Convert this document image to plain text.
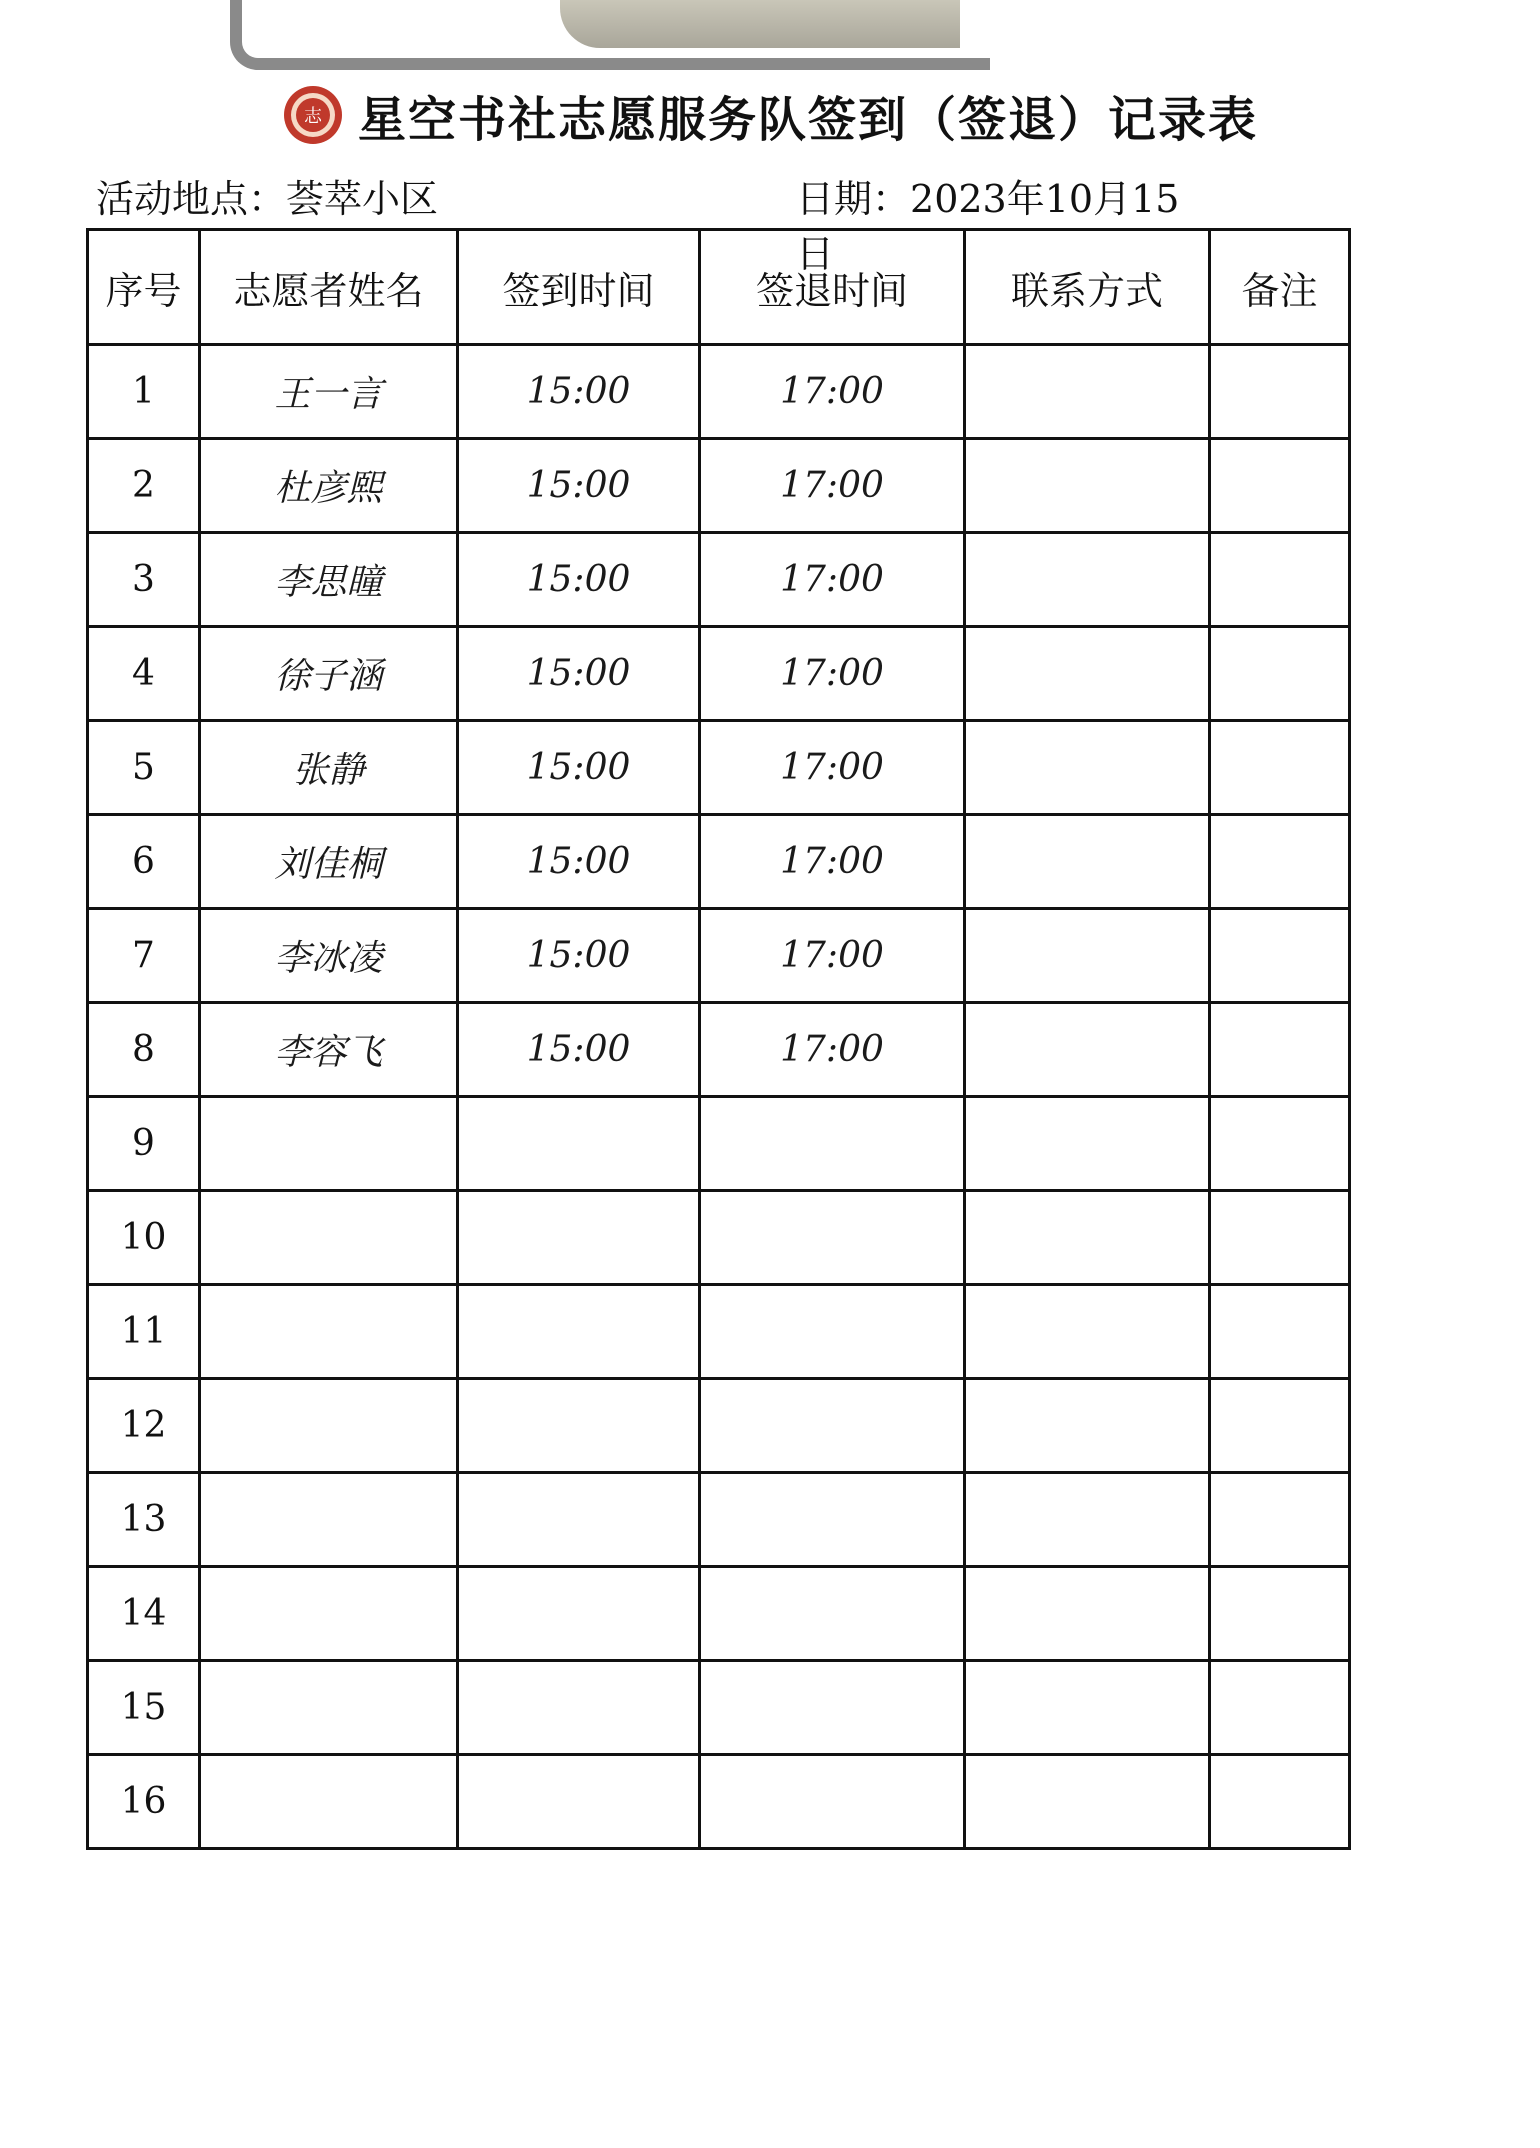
志 星空书社志愿服务队签到（签退）记录表
活动地点：荟萃小区	日期：2023年10月15日
序号	志愿者姓名	签到时间	签退时间	联系方式	备注
1	王一言	15:00	17:00		
2	杜彦熙	15:00	17:00		
3	李思瞳	15:00	17:00		
4	徐子涵	15:00	17:00		
5	张静	15:00	17:00		
6	刘佳桐	15:00	17:00		
7	李冰凌	15:00	17:00		
8	李容飞	15:00	17:00		
9					
10					
11					
12					
13					
14					
15					
16					
